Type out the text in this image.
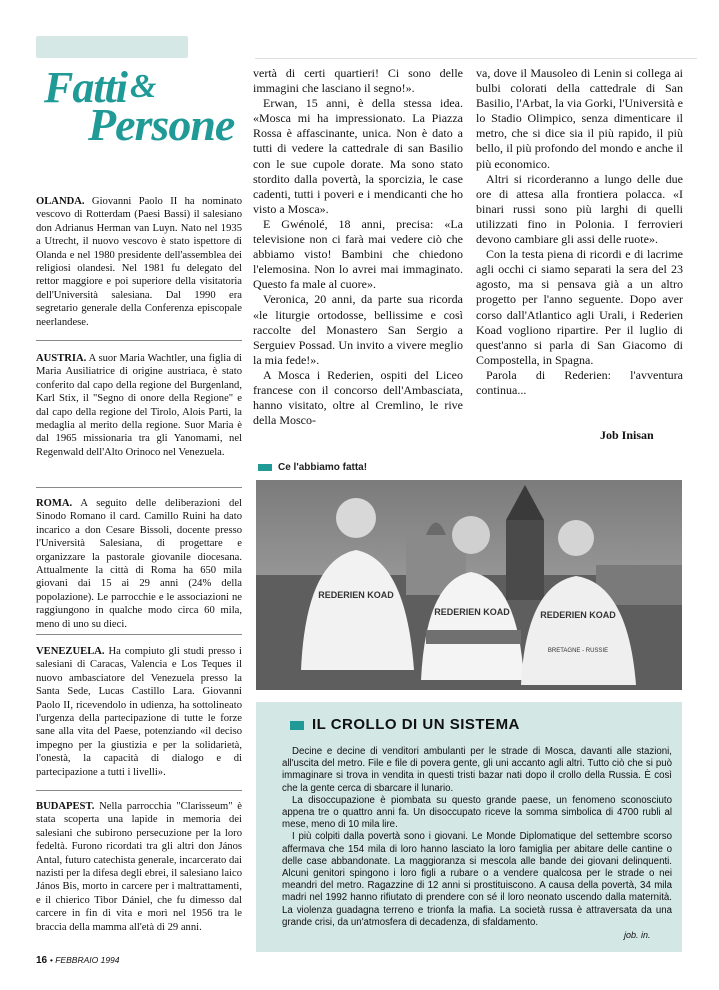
Fatti &
Persone
OLANDA. Giovanni Paolo II ha nominato vescovo di Rotterdam (Paesi Bassi) il salesiano don Adrianus Herman van Luyn. Nato nel 1935 a Utrecht, il nuovo vescovo è stato ispettore di Olanda e nel 1980 presidente dell'assemblea dei religiosi olandesi. Nel 1981 fu delegato del rettor maggiore e poi superiore della visitatoria dell'Università salesiana. Dal 1990 era segretario generale della Conferenza episcopale neerlandese.
AUSTRIA. A suor Maria Wachtler, una figlia di Maria Ausiliatrice di origine austriaca, è stato conferito dal capo della regione del Burgenland, Karl Stix, il "Segno di onore della Regione" e dal capo della regione del Tirolo, Alois Parti, la medaglia al merito della regione. Suor Maria è dal 1965 missionaria tra gli Yanomami, nel Regenwald dell'Alto Orinoco nel Venezuela.
ROMA. A seguito delle deliberazioni del Sinodo Romano il card. Camillo Ruini ha dato incarico a don Cesare Bissoli, docente presso l'Università Salesiana, di progettare e organizzare la pastorale giovanile diocesana. Attualmente la città di Roma ha 650 mila giovani dai 15 ai 29 anni (24% della popolazione). Le parrocchie e le associazioni ne raggiungono in qualche modo circa 60 mila, meno di uno su dieci.
VENEZUELA. Ha compiuto gli studi presso i salesiani di Caracas, Valencia e Los Teques il nuovo ambasciatore del Venezuela presso la Santa Sede, Lucas Castillo Lara. Giovanni Paolo II, ricevendolo in udienza, ha sottolineato l'urgenza della partecipazione di tutte le forze sane alla vita del Paese, potenziando «il deciso impegno per la giustizia e per la solidarietà, l'onestà, la capacità di dialogo e di partecipazione a tutti i livelli».
BUDAPEST. Nella parrocchia "Clarisseum" è stata scoperta una lapide in memoria dei salesiani che subirono persecuzione per la loro fedeltà. Furono ricordati tra gli altri don János Antal, futuro catechista generale, incarcerato dai nazisti per la difesa degli ebrei, il salesiano laico János Bis, morto in carcere per i maltrattamenti, e il chierico Tibor Dániel, che fu dimesso dal carcere in fin di vita e morì nel 1956 tra le braccia della mamma all'età di 29 anni.

vertà di certi quartieri! Ci sono delle immagini che lasciano il segno!».

Erwan, 15 anni, è della stessa idea. «Mosca mi ha impressionato. La Piazza Rossa è affascinante, unica. Non è dato a tutti di vedere la cattedrale di san Basilio con le sue cupole dorate. Ma sono stato stordito dalla povertà, la sporcizia, le case cadenti, tutti i poveri e i mendicanti che ho visto a Mosca».

E Gwénolé, 18 anni, precisa: «La televisione non ci farà mai vedere ciò che abbiamo visto! Bambini che chiedono l'elemosina. Non lo avrei mai immaginato. Questo fa male al cuore».

Veronica, 20 anni, da parte sua ricorda «le liturgie ortodosse, bellissime e così raccolte del Monastero San Sergio a Serguiev Possad. Un invito a vivere meglio la mia fede!».

A Mosca i Rederien, ospiti del Liceo francese con il concorso dell'Ambasciata, hanno visitato, oltre al Cremlino, le rive della Mosco-

va, dove il Mausoleo di Lenin si collega ai bulbi colorati della cattedrale di San Basilio, l'Arbat, la via Gorki, l'Università e lo Stadio Olimpico, senza dimenticare il metro, che si dice sia il più rapido, il più bello, il più profondo del mondo e anche il più economico.

Altri si ricorderanno a lungo delle due ore di attesa alla frontiera polacca. «I binari russi sono più larghi di quelli utilizzati fino in Polonia. I ferrovieri devono cambiare gli assi delle ruote».

Con la testa piena di ricordi e di lacrime agli occhi ci siamo separati la sera del 23 agosto, ma si pensava già a un altro progetto per l'anno seguente. Dopo aver corso dall'Atlantico agli Urali, i Rederien Koad vogliono ripartire. Per il luglio di quest'anno si parla di San Giacomo di Compostella, in Spagna.

Parola di Rederien: l'avventura continua...

Job Inisan
Ce l'abbiamo fatta!
REDERIEN KOAD
REDERIEN KOAD	REDERIEN KOAD
BRETAGNE - RUSSIE
IL CROLLO DI UN SISTEMA

Decine e decine di venditori ambulanti per le strade di Mosca, davanti alle stazioni, all'uscita del metro. File e file di povera gente, gli uni accanto agli altri. Tutto ciò che si può immaginare si trova in vendita in questi tristi bazar nati dopo il crollo della Russia. È così che la gente cerca di sbarcare il lunario.

La disoccupazione è piombata su questo grande paese, un fenomeno sconosciuto appena tre o quattro anni fa. Un disoccupato riceve la somma simbolica di 4700 rubli al mese, meno di 10 mila lire.

I più colpiti dalla povertà sono i giovani. Le Monde Diplomatique del settembre scorso affermava che 154 mila di loro hanno lasciato la loro famiglia per abitare delle cantine o delle case abbandonate. La maggioranza si mescola alle bande dei giovani delinquenti. Alcuni genitori spingono i loro figli a rubare o a vendere qualcosa per le strade o nei meandri del metro. Ragazzine di 12 anni si prostituiscono. A causa della povertà, 34 mila madri nel 1992 hanno rifiutato di prendere con sé il loro neonato uscendo dalla maternità. La violenza guadagna terreno e trionfa la mafia. La società russa è attraversata da una grande crisi, da un'atmosfera di decadenza, di sfaldamento.

job. in.
16 • FEBBRAIO 1994
